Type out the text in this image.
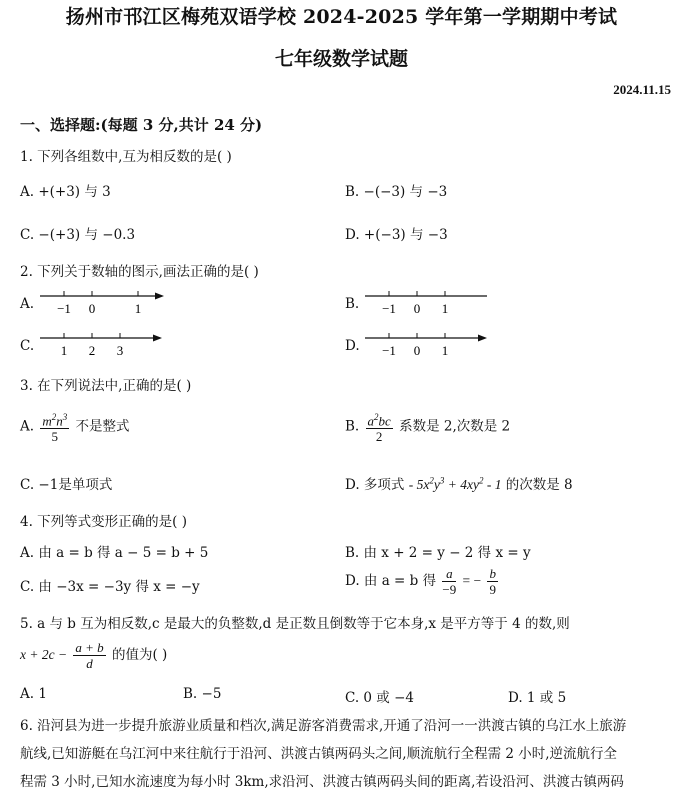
扬州市邗江区梅苑双语学校 2024-2025 学年第一学期期中考试
七年级数学试题
2024.11.15
一、选择题:(每题 3 分,共计 24 分)
1. 下列各组数中,互为相反数的是( )
A. +(+3) 与 3	B. −(−3) 与 −3
C. −(+3) 与 −0.3	D. +(−3) 与 −3
2. 下列关于数轴的图示,画法正确的是( )
A. −1 0	1	B. −1 0 1
C. 1 2 3	D. −1 0 1
3. 在下列说法中,正确的是( )
A. $\frac{m^2n^3}{5}$ 不是整式	B. $\frac{a^2bc}{2}$ 系数是 2,次数是 2
C. −1是单项式	D. 多项式 - $5x^2y^3 + 4xy^2 - 1$ 的次数是 8
4. 下列等式变形正确的是( )
A. 由 a = b 得 a − 5 = b + 5	B. 由 x + 2 = y − 2 得 x = y
C. 由 −3x = −3y 得 x = −y	D. 由 a = b 得 $\frac{a}{-9}$ = − $\frac{b}{9}$
5. a 与 b 互为相反数,c 是最大的负整数,d 是正数且倒数等于它本身,x 是平方等于 4 的数,则
$x + 2c - \frac{a + b}{d}$ 的值为( )
A. 1	B. −5	C. 0 或 −4	D. 1 或 5
6. 沿河县为进一步提升旅游业质量和档次,满足游客消费需求,开通了沿河一一洪渡古镇的乌江水上旅游
航线,已知游艇在乌江河中来往航行于沿河、洪渡古镇两码头之间,顺流航行全程需 2 小时,逆流航行全
程需 3 小时,已知水流速度为每小时 3km,求沿河、洪渡古镇两码头间的距离,若设沿河、洪渡古镇两码
